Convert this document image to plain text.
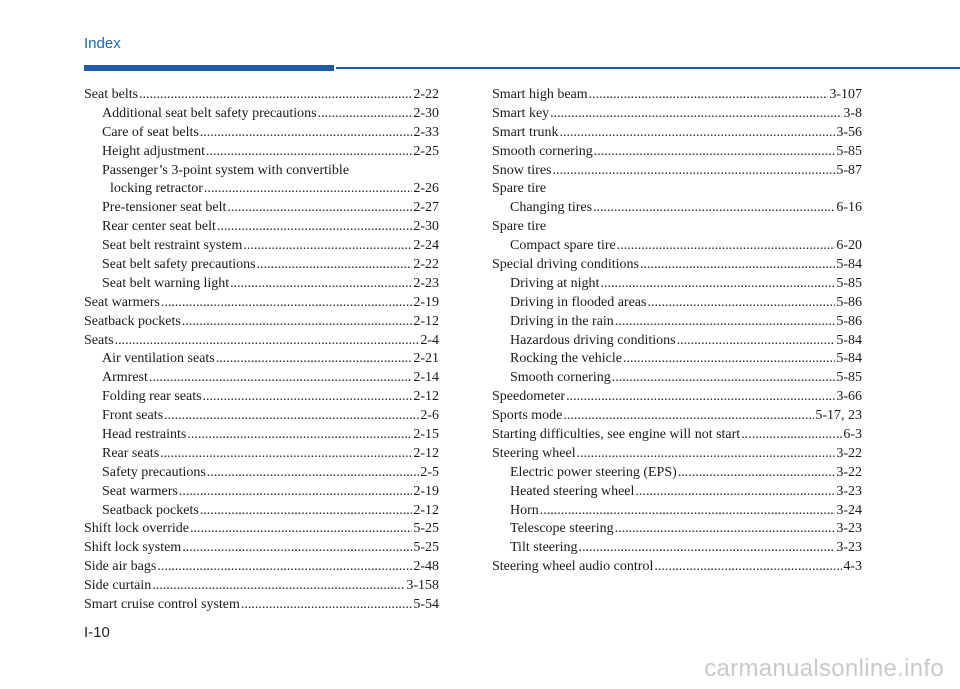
Index
Seat belts .....	2-22
Additional seat belt safety precautions .....	2-30
Care of seat belts .....	2-33
Height adjustment .....	2-25
Passenger’s 3-point system with convertible
locking retractor .....	2-26
Pre-tensioner seat belt .....	2-27
Rear center seat belt .....	2-30
Seat belt restraint system .....	2-24
Seat belt safety precautions .....	2-22
Seat belt warning light .....	2-23
Seat warmers .....	2-19
Seatback pockets .....	2-12
Seats .....	2-4
Air ventilation seats .....	2-21
Armrest .....	2-14
Folding rear seats .....	2-12
Front seats .....	2-6
Head restraints .....	2-15
Rear seats .....	2-12
Safety precautions .....	2-5
Seat warmers .....	2-19
Seatback pockets .....	2-12
Shift lock override .....	5-25
Shift lock system .....	5-25
Side air bags .....	2-48
Side curtain .....	3-158
Smart cruise control system .....	5-54
Smart high beam .....	3-107
Smart key .....	3-8
Smart trunk .....	3-56
Smooth cornering .....	5-85
Snow tires .....	5-87
Spare tire
Changing tires .....	6-16
Spare tire
Compact spare tire .....	6-20
Special driving conditions .....	5-84
Driving at night .....	5-85
Driving in flooded areas .....	5-86
Driving in the rain .....	5-86
Hazardous driving conditions .....	5-84
Rocking the vehicle .....	5-84
Smooth cornering .....	5-85
Speedometer .....	3-66
Sports mode .....	5-17, 23
Starting difficulties, see engine will not start .....	6-3
Steering wheel .....	3-22
Electric power steering (EPS) .....	3-22
Heated steering wheel .....	3-23
Horn .....	3-24
Telescope steering .....	3-23
Tilt steering .....	3-23
Steering wheel audio control .....	4-3
I-10
carmanualsonline.info
